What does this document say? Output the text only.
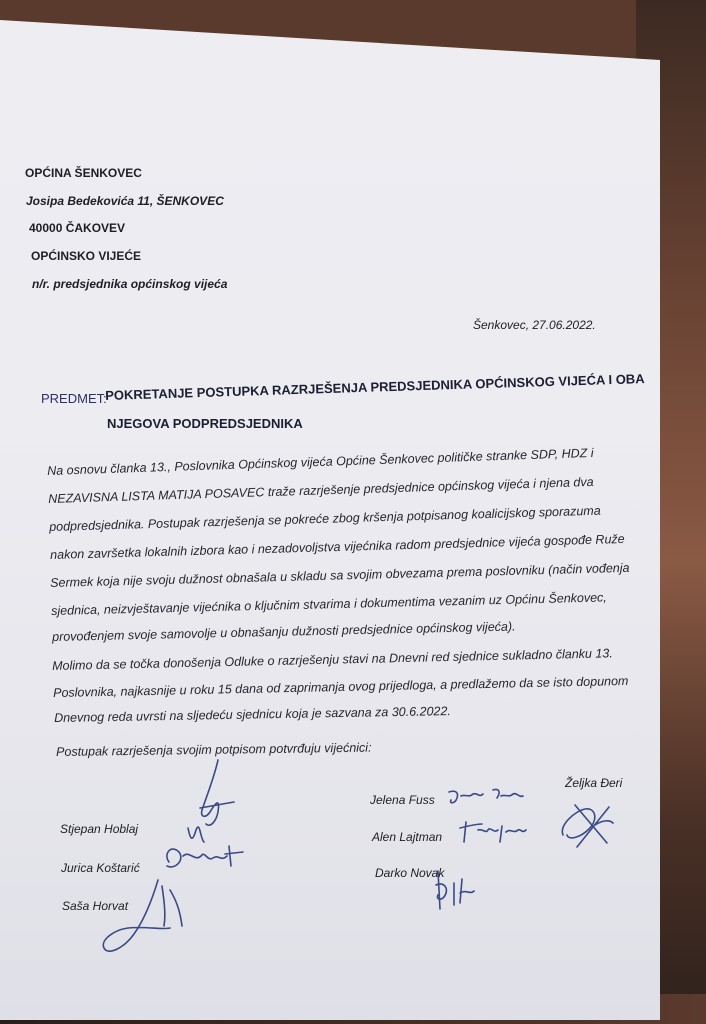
OPĆINA ŠENKOVEC
Josipa Bedekovića 11, ŠENKOVEC
40000 ČAKOVEV
OPĆINSKO VIJEĆE
n/r. predsjednika općinskog vijeća
Šenkovec, 27.06.2022.
PREDMET:
POKRETANJE POSTUPKA RAZRJEŠENJA PREDSJEDNIKA OPĆINSKOG VIJEĆA I OBA
NJEGOVA PODPREDSJEDNIKA
Na osnovu članka 13., Poslovnika Općinskog vijeća Općine Šenkovec političke stranke SDP, HDZ i
NEZAVISNA LISTA MATIJA POSAVEC traže razrješenje predsjednice općinskog vijeća i njena dva
podpredsjednika. Postupak razrješenja se pokreće zbog kršenja potpisanog koalicijskog sporazuma
nakon završetka lokalnih izbora kao i nezadovoljstva vijećnika radom predsjednice vijeća gospođe Ruže
Sermek koja nije svoju dužnost obnašala u skladu sa svojim obvezama prema poslovniku (način vođenja
sjednica, neizvještavanje vijećnika o ključnim stvarima i dokumentima vezanim uz Općinu Šenkovec,
provođenjem svoje samovolje u obnašanju dužnosti predsjednice općinskog vijeća).
Molimo da se točka donošenja Odluke o razrješenju stavi na Dnevni red sjednice sukladno članku 13.
Poslovnika, najkasnije u roku 15 dana od zaprimanja ovog prijedloga, a predlažemo da se isto dopunom
Dnevnog reda uvrsti na sljedeću sjednicu koja je sazvana za 30.6.2022.
Postupak razrješenja svojim potpisom potvrđuju vijećnici:
Stjepan Hoblaj
Jurica Koštarić
Saša Horvat
Jelena Fuss
Alen Lajtman
Darko Novak
Željka Đeri
